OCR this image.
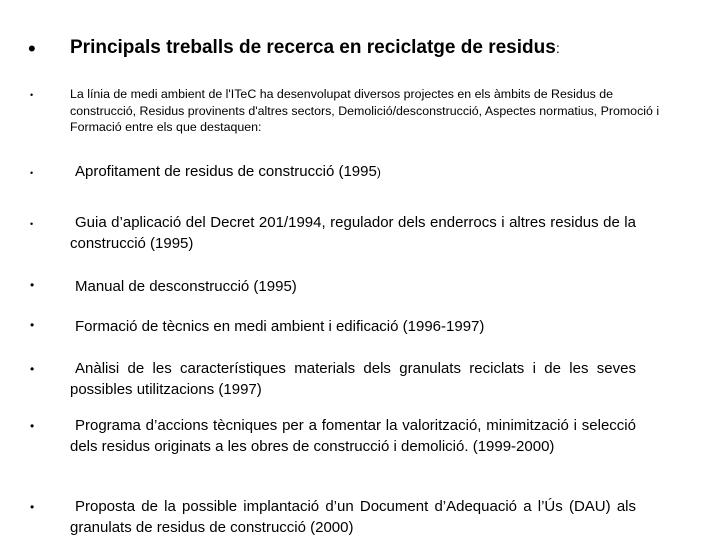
• Principals treballs de recerca en reciclatge de residus:
•	La línia de medi ambient de l'ITeC ha desenvolupat diversos projectes en els àmbits de Residus de construcció, Residus provinents d'altres sectors, Demolició/desconstrucció, Aspectes normatius, Promoció i Formació entre els que destaquen:
•	Aprofitament de residus de construcció (1995)
•	Guia d’aplicació del Decret 201/1994, regulador dels enderrocs i altres residus de la construcció (1995)
•	Manual de desconstrucció (1995)
•	Formació de tècnics en medi ambient i edificació (1996-1997)
•	Anàlisi de les característiques materials dels granulats reciclats i de les seves possibles utilitzacions (1997)
•	Programa d’accions tècniques per a fomentar la valorització, minimització i selecció dels residus originats a les obres de construcció i demolició. (1999-2000)
•	Proposta de la possible implantació d’un Document d’Adequació a l’Ús (DAU) als granulats de residus de construcció (2000)
